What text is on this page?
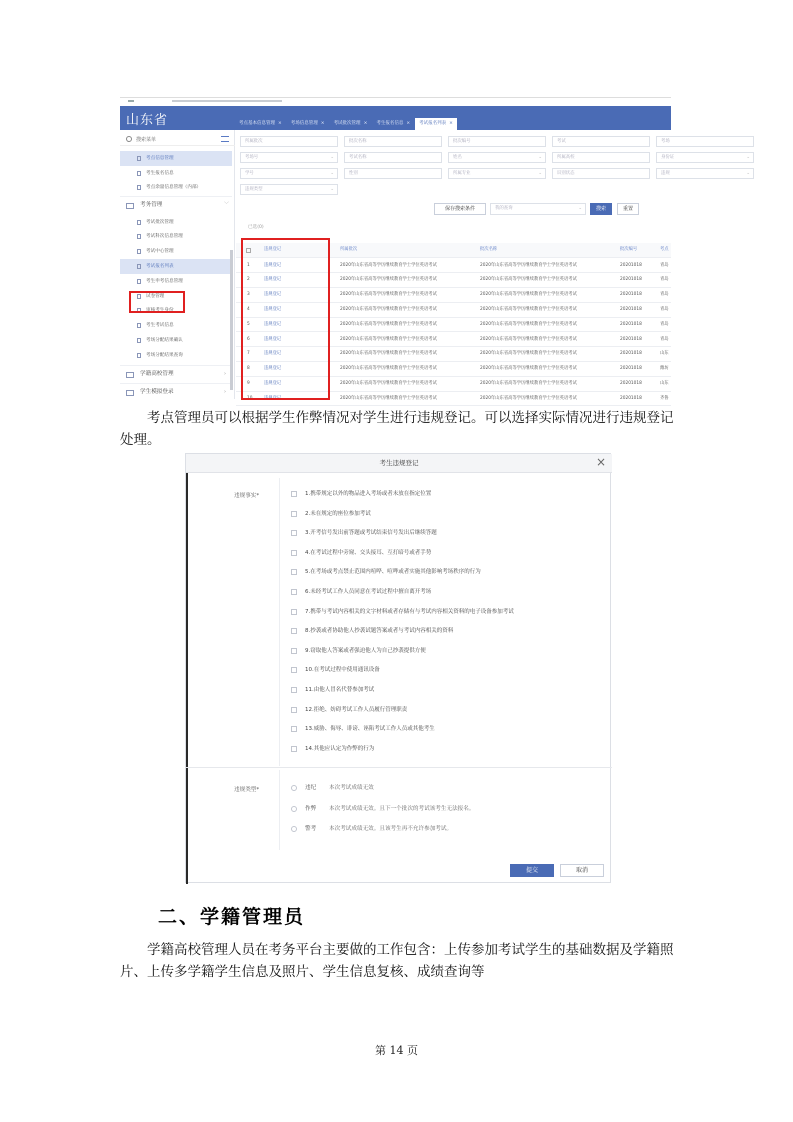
山东省	考点基本信息管理 ×	考场信息管理 ×	考试批次管理 ×	考生报名信息 ×	考试报名列表 ×
搜索菜单
考点信息管理
考生报名信息
考点余量信息管理（内部）
考务管理	﹀
考试批次管理
考试科次信息管理
考试中心管理
考试报名列表
考生申考信息管理
试卷管理
审核考生身份
考生考试信息
考场分配结果确认
考场分配结果查询
学籍高校管理	›
学生模拟登录	›
所属批次	批次名称	批次编号	考试	考场
考场号	⌄	考试名称	姓名	⌄	所属高校	身份证	⌄
学号	⌄	性别	所属专业	⌄	识别状态	违规	⌄
违规类型	⌄
保存搜索条件	我的查询	⌄	搜索	重置
已选(0)
违规登记	所属批次	批次名称	批次编号	考点
1	违规登记	2020年山东省高等学历继续教育学士学位英语考试	2020年山东省高等学历继续教育学士学位英语考试	20201018	青岛
2	违规登记	2020年山东省高等学历继续教育学士学位英语考试	2020年山东省高等学历继续教育学士学位英语考试	20201018	青岛
3	违规登记	2020年山东省高等学历继续教育学士学位英语考试	2020年山东省高等学历继续教育学士学位英语考试	20201018	青岛
4	违规登记	2020年山东省高等学历继续教育学士学位英语考试	2020年山东省高等学历继续教育学士学位英语考试	20201018	青岛
5	违规登记	2020年山东省高等学历继续教育学士学位英语考试	2020年山东省高等学历继续教育学士学位英语考试	20201018	青岛
6	违规登记	2020年山东省高等学历继续教育学士学位英语考试	2020年山东省高等学历继续教育学士学位英语考试	20201018	青岛
7	违规登记	2020年山东省高等学历继续教育学士学位英语考试	2020年山东省高等学历继续教育学士学位英语考试	20201018	山东
8	违规登记	2020年山东省高等学历继续教育学士学位英语考试	2020年山东省高等学历继续教育学士学位英语考试	20201018	潍坊
9	违规登记	2020年山东省高等学历继续教育学士学位英语考试	2020年山东省高等学历继续教育学士学位英语考试	20201018	山东
10	违规登记	2020年山东省高等学历继续教育学士学位英语考试	2020年山东省高等学历继续教育学士学位英语考试	20201018	齐鲁

考点管理员可以根据学生作弊情况对学生进行违规登记。可以选择实际情况进行违规登记处理。

考生违规登记	×
违规事实*	1.携带规定以外的物品进入考场或者未放在指定位置
2.未在规定的座位参加考试
3.开考信号发出前答题或考试结束信号发出后继续答题
4.在考试过程中旁窥、交头接耳、互打暗号或者手势
5.在考场或考点禁止范围内喧哗、喧哗或者实施其他影响考场秩序的行为
6.未经考试工作人员同意在考试过程中擅自离开考场
7.携带与考试内容相关的文字材料或者存储有与考试内容相关资料的电子设备参加考试
8.抄袭或者协助他人抄袭试题答案或者与考试内容相关的资料
9.窃取他人答案或者强迫他人为自己抄袭提供方便
10.在考试过程中使用通讯设备
11.由他人冒名代替参加考试
12.拒绝、妨碍考试工作人员履行管理职责
13.威胁、侮辱、诽谤、诬陷考试工作人员或其他考生
14.其他应认定为作弊的行为
违规类型*	违纪 本次考试成绩无效
作弊 本次考试成绩无效。且下一个批次的考试该考生无法报名。
警考 本次考试成绩无效。且该考生再不允许参加考试。
提交	取消
二、学籍管理员

学籍高校管理人员在考务平台主要做的工作包含：上传参加考试学生的基础数据及学籍照片、上传多学籍学生信息及照片、学生信息复核、成绩查询等

第 14 页
